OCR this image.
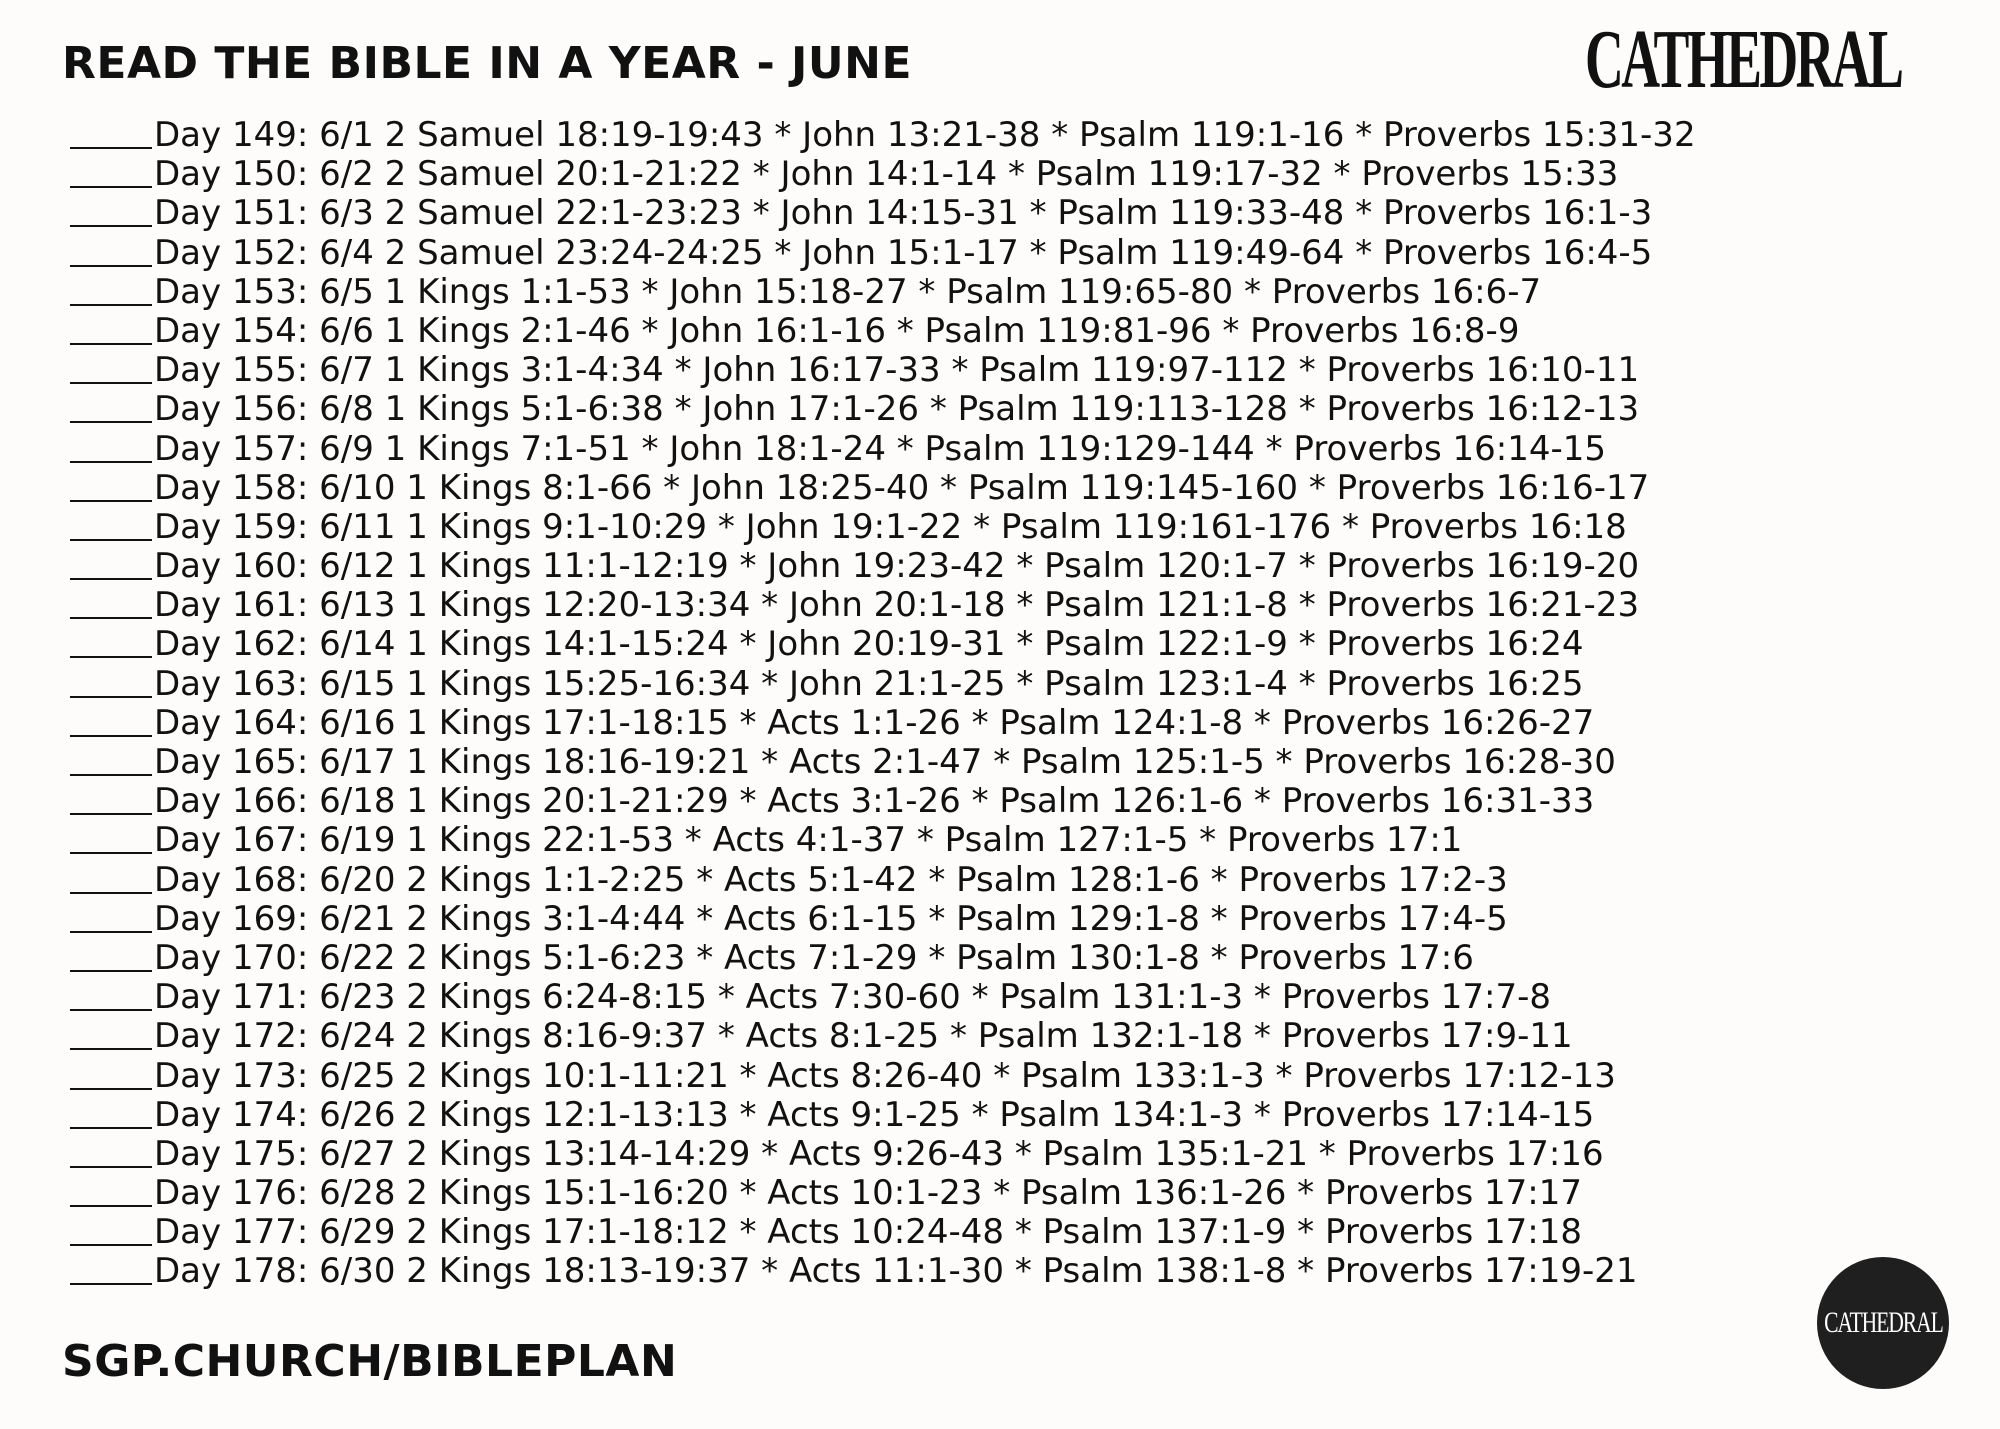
READ THE BIBLE IN A YEAR - JUNE	CATHEDRAL
Day 149: 6/1 2 Samuel 18:19-19:43 * John 13:21-38 * Psalm 119:1-16 * Proverbs 15:31-32
Day 150: 6/2 2 Samuel 20:1-21:22 * John 14:1-14 * Psalm 119:17-32 * Proverbs 15:33
Day 151: 6/3 2 Samuel 22:1-23:23 * John 14:15-31 * Psalm 119:33-48 * Proverbs 16:1-3
Day 152: 6/4 2 Samuel 23:24-24:25 * John 15:1-17 * Psalm 119:49-64 * Proverbs 16:4-5
Day 153: 6/5 1 Kings 1:1-53 * John 15:18-27 * Psalm 119:65-80 * Proverbs 16:6-7
Day 154: 6/6 1 Kings 2:1-46 * John 16:1-16 * Psalm 119:81-96 * Proverbs 16:8-9
Day 155: 6/7 1 Kings 3:1-4:34 * John 16:17-33 * Psalm 119:97-112 * Proverbs 16:10-11
Day 156: 6/8 1 Kings 5:1-6:38 * John 17:1-26 * Psalm 119:113-128 * Proverbs 16:12-13
Day 157: 6/9 1 Kings 7:1-51 * John 18:1-24 * Psalm 119:129-144 * Proverbs 16:14-15
Day 158: 6/10 1 Kings 8:1-66 * John 18:25-40 * Psalm 119:145-160 * Proverbs 16:16-17
Day 159: 6/11 1 Kings 9:1-10:29 * John 19:1-22 * Psalm 119:161-176 * Proverbs 16:18
Day 160: 6/12 1 Kings 11:1-12:19 * John 19:23-42 * Psalm 120:1-7 * Proverbs 16:19-20
Day 161: 6/13 1 Kings 12:20-13:34 * John 20:1-18 * Psalm 121:1-8 * Proverbs 16:21-23
Day 162: 6/14 1 Kings 14:1-15:24 * John 20:19-31 * Psalm 122:1-9 * Proverbs 16:24
Day 163: 6/15 1 Kings 15:25-16:34 * John 21:1-25 * Psalm 123:1-4 * Proverbs 16:25
Day 164: 6/16 1 Kings 17:1-18:15 * Acts 1:1-26 * Psalm 124:1-8 * Proverbs 16:26-27
Day 165: 6/17 1 Kings 18:16-19:21 * Acts 2:1-47 * Psalm 125:1-5 * Proverbs 16:28-30
Day 166: 6/18 1 Kings 20:1-21:29 * Acts 3:1-26 * Psalm 126:1-6 * Proverbs 16:31-33
Day 167: 6/19 1 Kings 22:1-53 * Acts 4:1-37 * Psalm 127:1-5 * Proverbs 17:1
Day 168: 6/20 2 Kings 1:1-2:25 * Acts 5:1-42 * Psalm 128:1-6 * Proverbs 17:2-3
Day 169: 6/21 2 Kings 3:1-4:44 * Acts 6:1-15 * Psalm 129:1-8 * Proverbs 17:4-5
Day 170: 6/22 2 Kings 5:1-6:23 * Acts 7:1-29 * Psalm 130:1-8 * Proverbs 17:6
Day 171: 6/23 2 Kings 6:24-8:15 * Acts 7:30-60 * Psalm 131:1-3 * Proverbs 17:7-8
Day 172: 6/24 2 Kings 8:16-9:37 * Acts 8:1-25 * Psalm 132:1-18 * Proverbs 17:9-11
Day 173: 6/25 2 Kings 10:1-11:21 * Acts 8:26-40 * Psalm 133:1-3 * Proverbs 17:12-13
Day 174: 6/26 2 Kings 12:1-13:13 * Acts 9:1-25 * Psalm 134:1-3 * Proverbs 17:14-15
Day 175: 6/27 2 Kings 13:14-14:29 * Acts 9:26-43 * Psalm 135:1-21 * Proverbs 17:16
Day 176: 6/28 2 Kings 15:1-16:20 * Acts 10:1-23 * Psalm 136:1-26 * Proverbs 17:17
Day 177: 6/29 2 Kings 17:1-18:12 * Acts 10:24-48 * Psalm 137:1-9 * Proverbs 17:18
Day 178: 6/30 2 Kings 18:13-19:37 * Acts 11:1-30 * Psalm 138:1-8 * Proverbs 17:19-21
SGP.CHURCH/BIBLEPLAN
CATHEDRAL
